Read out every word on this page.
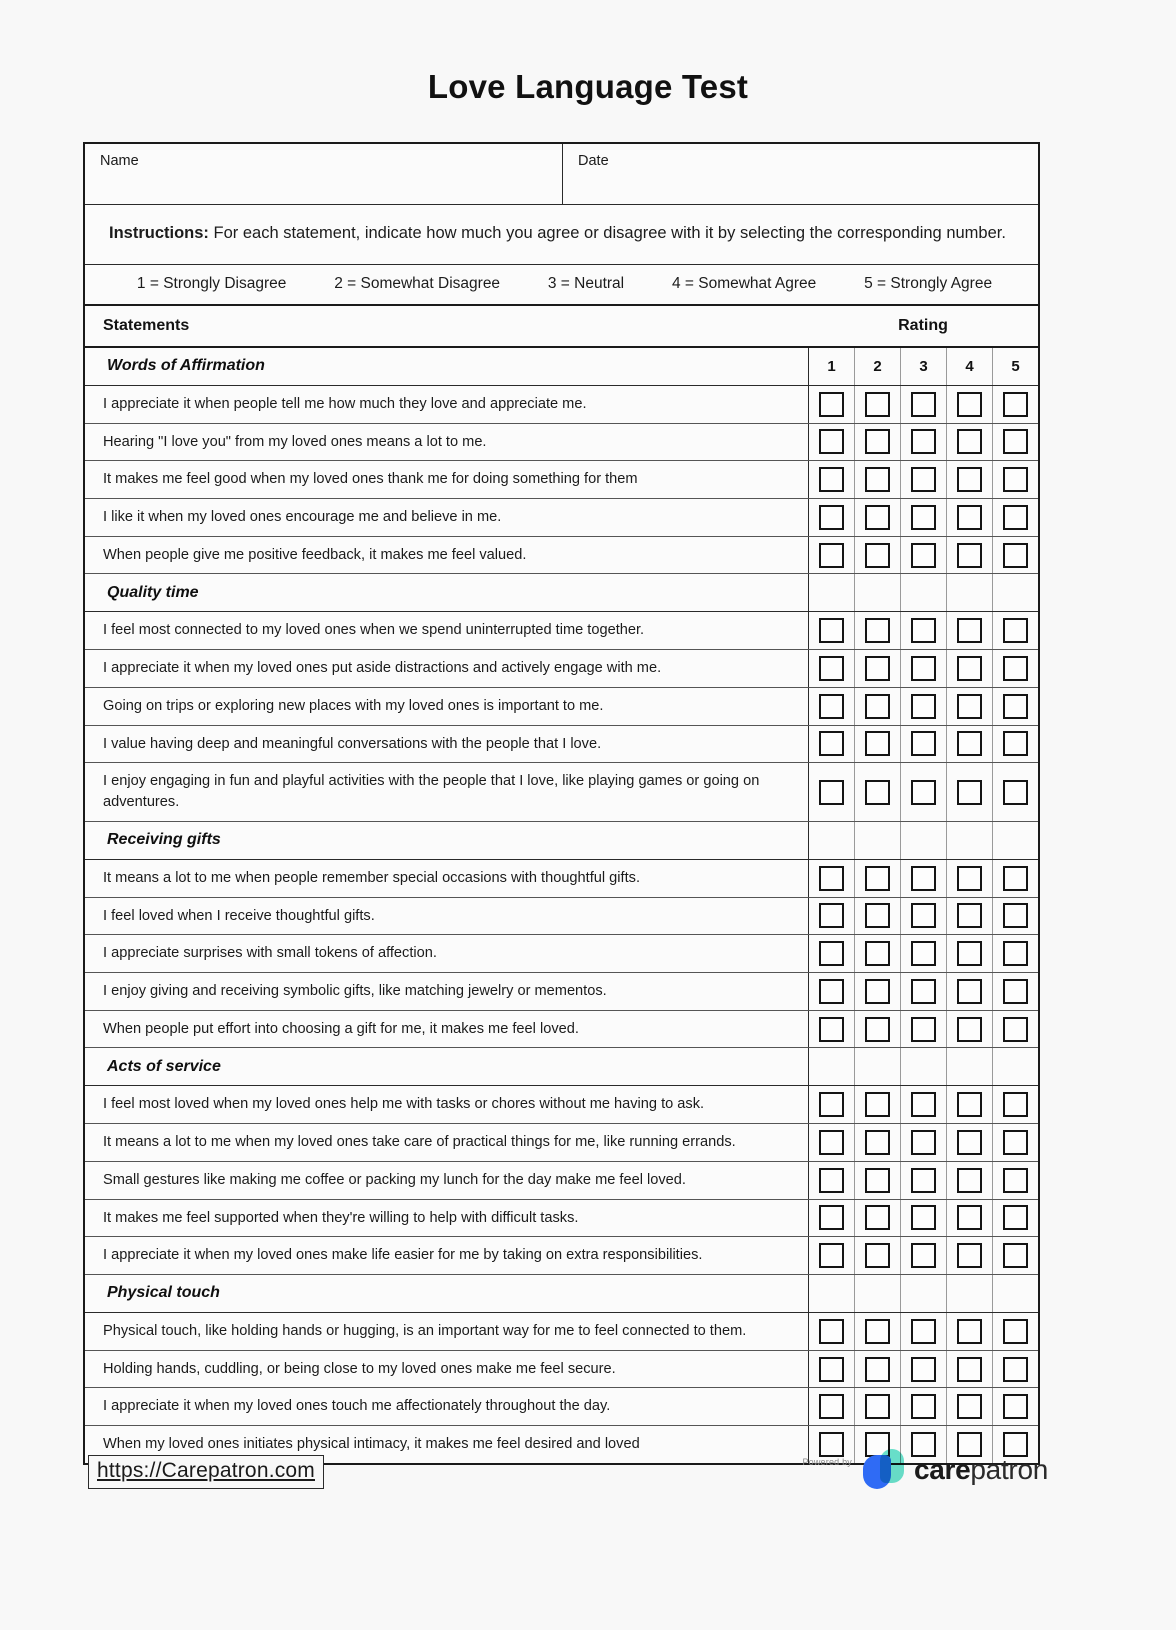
Love Language Test
Name	Date
Instructions: For each statement, indicate how much you agree or disagree with it by selecting the corresponding number.
1 = Strongly Disagree	2 = Somewhat Disagree	3 = Neutral	4 = Somewhat Agree	5 = Strongly Agree
Statements	Rating
Words of Affirmation	1	2	3	4	5
I appreciate it when people tell me how much they love and appreciate me.
Hearing "I love you" from my loved ones means a lot to me.
It makes me feel good when my loved ones thank me for doing something for them
I like it when my loved ones encourage me and believe in me.
When people give me positive feedback, it makes me feel valued.
Quality time
I feel most connected to my loved ones when we spend uninterrupted time together.
I appreciate it when my loved ones put aside distractions and actively engage with me.
Going on trips or exploring new places with my loved ones is important to me.
I value having deep and meaningful conversations with the people that I love.
I enjoy engaging in fun and playful activities with the people that I love, like playing games or going on adventures.
Receiving gifts
It means a lot to me when people remember special occasions with thoughtful gifts.
I feel loved when I receive thoughtful gifts.
I appreciate surprises with small tokens of affection.
I enjoy giving and receiving symbolic gifts, like matching jewelry or mementos.
When people put effort into choosing a gift for me, it makes me feel loved.
Acts of service
I feel most loved when my loved ones help me with tasks or chores without me having to ask.
It means a lot to me when my loved ones take care of practical things for me, like running errands.
Small gestures like making me coffee or packing my lunch for the day make me feel loved.
It makes me feel supported when they're willing to help with difficult tasks.
I appreciate it when my loved ones make life easier for me by taking on extra responsibilities.
Physical touch
Physical touch, like holding hands or hugging, is an important way for me to feel connected to them.
Holding hands, cuddling, or being close to my loved ones make me feel secure.
I appreciate it when my loved ones touch me affectionately throughout the day.
When my loved ones initiates physical intimacy, it makes me feel desired and loved
https://Carepatron.com	Powered by carepatron
